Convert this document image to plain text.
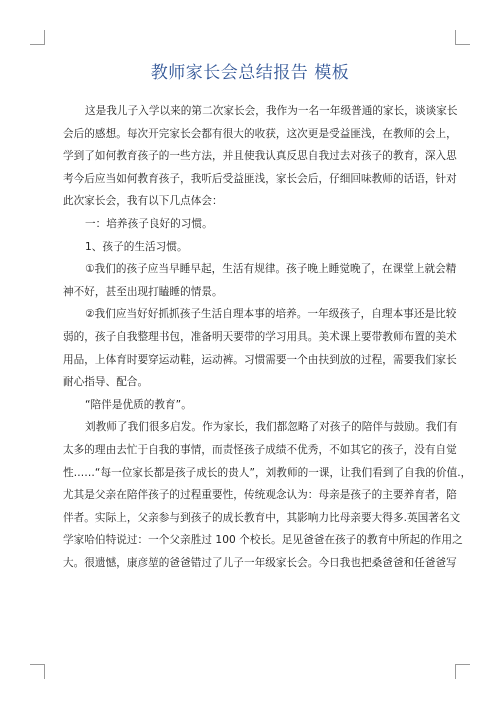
教师家长会总结报告 模板
这是我儿子入学以来的第二次家长会，我作为一名一年级普通的家长，谈谈家长
会后的感想。每次开完家长会都有很大的收获，这次更是受益匪浅，在教师的会上，
学到了如何教育孩子的一些方法，并且使我认真反思自我过去对孩子的教育，深入思
考今后应当如何教育孩子，我听后受益匪浅，家长会后，仔细回味教师的话语，针对
此次家长会，我有以下几点体会：
一：培养孩子良好的习惯。
1、孩子的生活习惯。
①我们的孩子应当早睡早起，生活有规律。孩子晚上睡觉晚了，在课堂上就会精
神不好，甚至出现打瞌睡的情景。
②我们应当好好抓抓孩子生活自理本事的培养。一年级孩子，自理本事还是比较
弱的，孩子自我整理书包，准备明天要带的学习用具。美术课上要带教师布置的美术
用品，上体育时要穿运动鞋，运动裤。习惯需要一个由扶到放的过程，需要我们家长
耐心指导、配合。
“陪伴是优质的教育”。
刘教师了我们很多启发。作为家长，我们都忽略了对孩子的陪伴与鼓励。我们有
太多的理由去忙于自我的事情，而责怪孩子成绩不优秀，不如其它的孩子，没有自觉
性……“每一位家长都是孩子成长的贵人”，刘教师的一课，让我们看到了自我的价值.，
尤其是父亲在陪伴孩子的过程重要性，传统观念认为：母亲是孩子的主要养育者，陪
伴者。实际上，父亲参与到孩子的成长教育中，其影响力比母亲要大得多.英国著名文
学家哈伯特说过：一个父亲胜过 100 个校长。足见爸爸在孩子的教育中所起的作用之
大。很遗憾，康彦堃的爸爸错过了儿子一年级家长会。今日我也把桑爸爸和任爸爸写
